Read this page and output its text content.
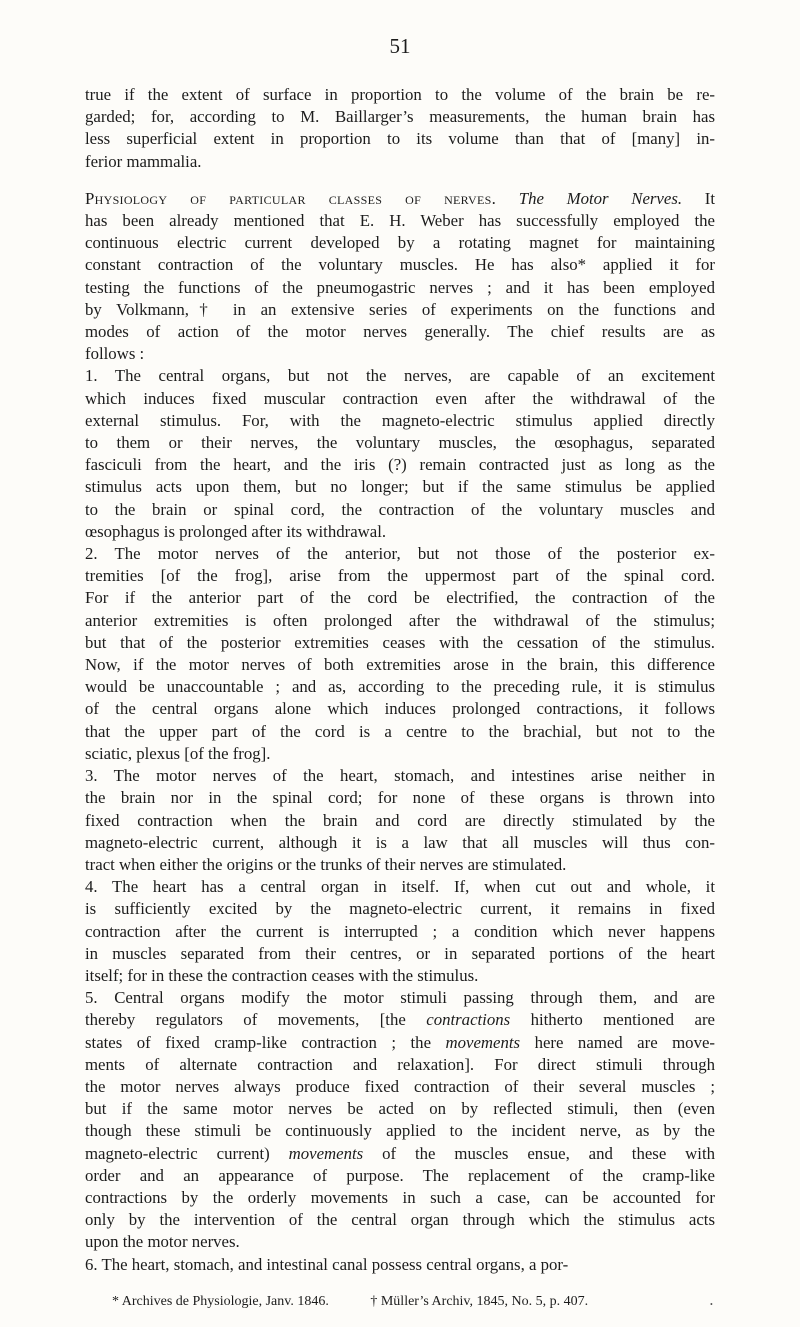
51
true if the extent of surface in proportion to the volume of the brain be re-
garded; for, according to M. Baillarger’s measurements, the human brain has
less superficial extent in proportion to its volume than that of [many] in-
ferior mammalia.
Physiology of particular classes of nerves. The Motor Nerves. It
has been already mentioned that E. H. Weber has successfully employed the
continuous electric current developed by a rotating magnet for maintaining
constant contraction of the voluntary muscles. He has also* applied it for
testing the functions of the pneumogastric nerves ; and it has been employed
by Volkmann,† in an extensive series of experiments on the functions and
modes of action of the motor nerves generally. The chief results are as
follows :
1. The central organs, but not the nerves, are capable of an excitement
which induces fixed muscular contraction even after the withdrawal of the
external stimulus. For, with the magneto-electric stimulus applied directly
to them or their nerves, the voluntary muscles, the œsophagus, separated
fasciculi from the heart, and the iris (?) remain contracted just as long as the
stimulus acts upon them, but no longer; but if the same stimulus be applied
to the brain or spinal cord, the contraction of the voluntary muscles and
œsophagus is prolonged after its withdrawal.
2. The motor nerves of the anterior, but not those of the posterior ex-
tremities [of the frog], arise from the uppermost part of the spinal cord.
For if the anterior part of the cord be electrified, the contraction of the
anterior extremities is often prolonged after the withdrawal of the stimulus;
but that of the posterior extremities ceases with the cessation of the stimulus.
Now, if the motor nerves of both extremities arose in the brain, this difference
would be unaccountable ; and as, according to the preceding rule, it is stimulus
of the central organs alone which induces prolonged contractions, it follows
that the upper part of the cord is a centre to the brachial, but not to the
sciatic, plexus [of the frog].
3. The motor nerves of the heart, stomach, and intestines arise neither in
the brain nor in the spinal cord; for none of these organs is thrown into
fixed contraction when the brain and cord are directly stimulated by the
magneto-electric current, although it is a law that all muscles will thus con-
tract when either the origins or the trunks of their nerves are stimulated.
4. The heart has a central organ in itself. If, when cut out and whole, it
is sufficiently excited by the magneto-electric current, it remains in fixed
contraction after the current is interrupted ; a condition which never happens
in muscles separated from their centres, or in separated portions of the heart
itself; for in these the contraction ceases with the stimulus.
5. Central organs modify the motor stimuli passing through them, and are
thereby regulators of movements, [the contractions hitherto mentioned are
states of fixed cramp-like contraction ; the movements here named are move-
ments of alternate contraction and relaxation]. For direct stimuli through
the motor nerves always produce fixed contraction of their several muscles ;
but if the same motor nerves be acted on by reflected stimuli, then (even
though these stimuli be continuously applied to the incident nerve, as by the
magneto-electric current) movements of the muscles ensue, and these with
order and an appearance of purpose. The replacement of the cramp-like
contractions by the orderly movements in such a case, can be accounted for
only by the intervention of the central organ through which the stimulus acts
upon the motor nerves.
6. The heart, stomach, and intestinal canal possess central organs, a por-
* Archives de Physiologie, Janv. 1846.	† Müller’s Archiv, 1845, No. 5, p. 407.	•
